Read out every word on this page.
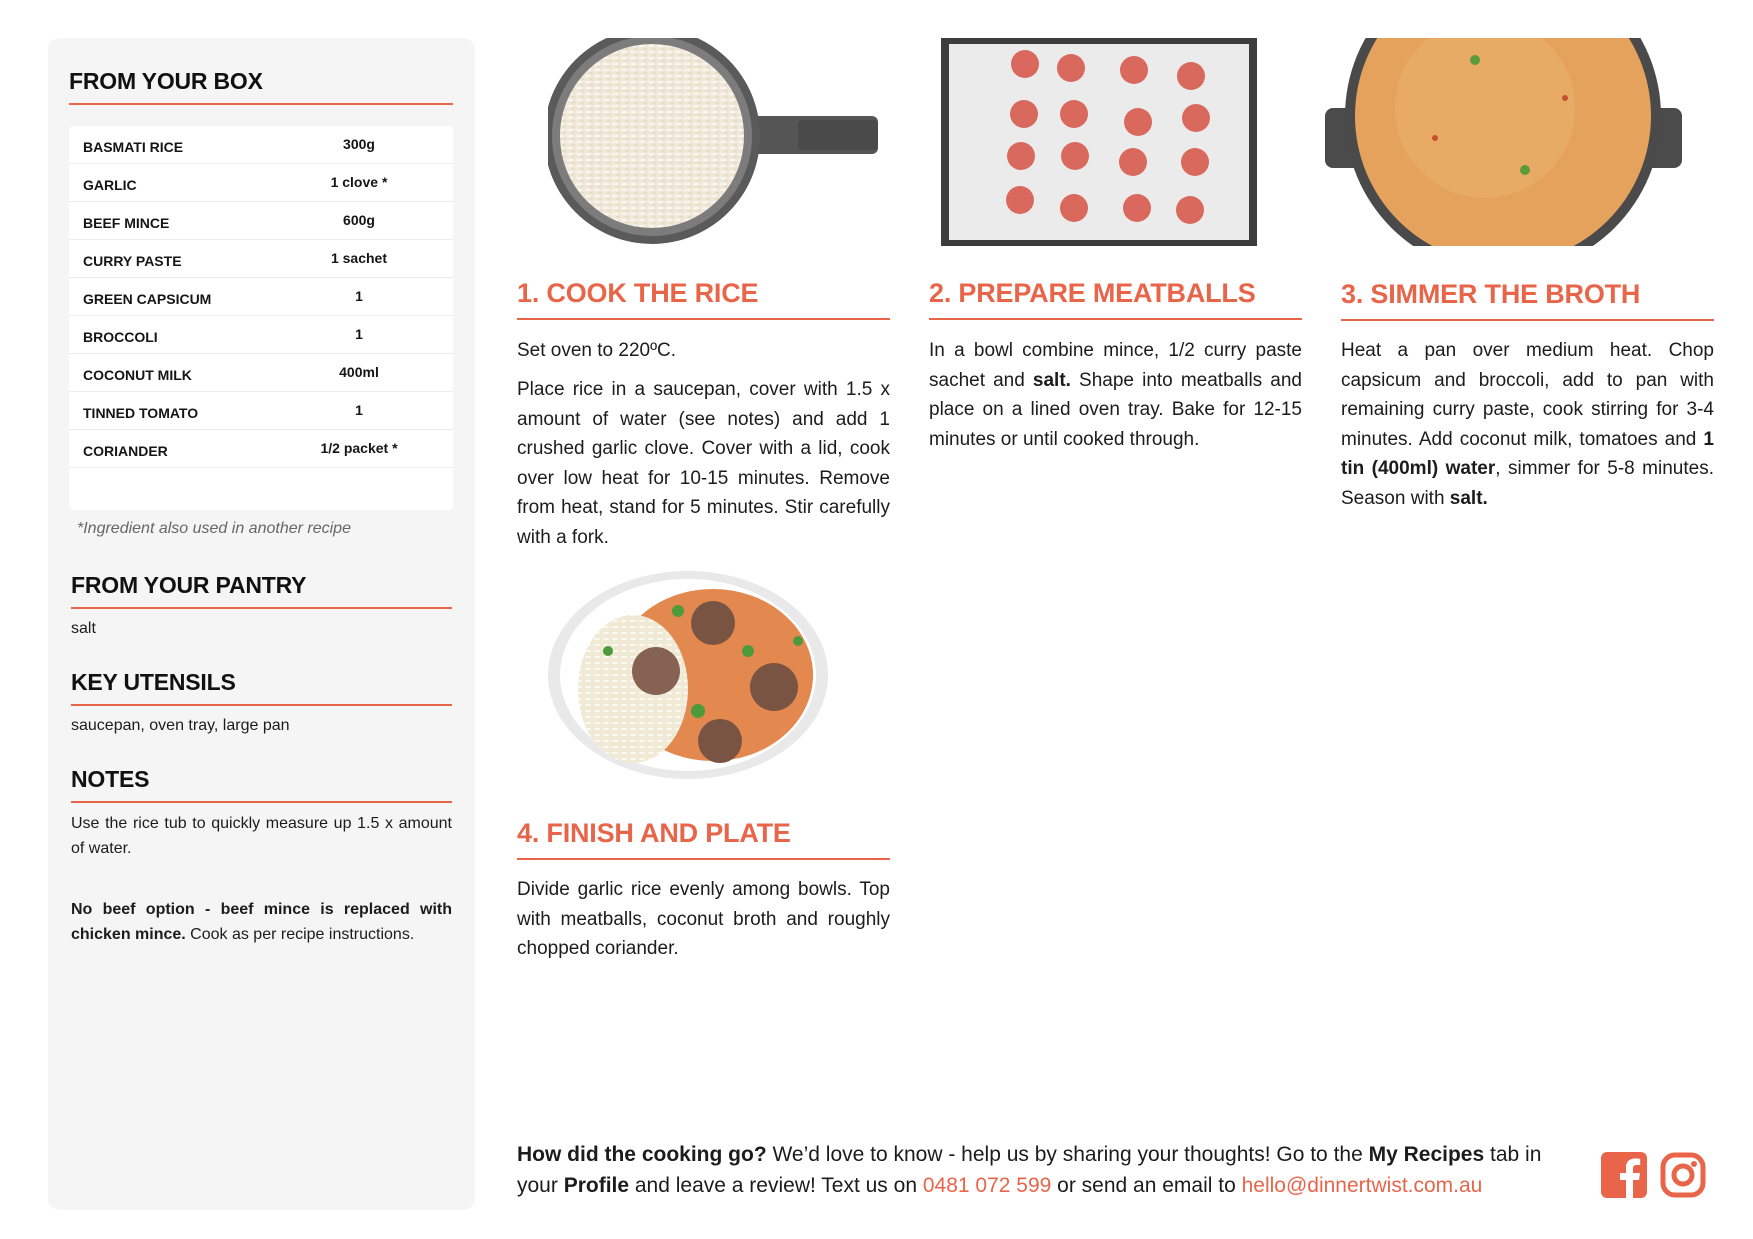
FROM YOUR BOX
BASMATI RICE	300g
GARLIC	1 clove *
BEEF MINCE	600g
CURRY PASTE	1 sachet
GREEN CAPSICUM	1
BROCCOLI	1
COCONUT MILK	400ml
TINNED TOMATO	1
CORIANDER	1/2 packet *
*Ingredient also used in another recipe
FROM YOUR PANTRY
salt
KEY UTENSILS
saucepan, oven tray, large pan
NOTES
Use the rice tub to quickly measure up 1.5 x amount of water.
No beef option - beef mince is replaced with chicken mince. Cook as per recipe instructions.
1. COOK THE RICE
Set oven to 220ºC.
Place rice in a saucepan, cover with 1.5 x amount of water (see notes) and add 1 crushed garlic clove. Cover with a lid, cook over low heat for 10-15 minutes. Remove from heat, stand for 5 minutes. Stir carefully with a fork.
2. PREPARE MEATBALLS
In a bowl combine mince, 1/2 curry paste sachet and salt. Shape into meatballs and place on a lined oven tray. Bake for 12-15 minutes or until cooked through.
3. SIMMER THE BROTH
Heat a pan over medium heat. Chop capsicum and broccoli, add to pan with remaining curry paste, cook stirring for 3-4 minutes. Add coconut milk, tomatoes and 1 tin (400ml) water, simmer for 5-8 minutes. Season with salt.
4. FINISH AND PLATE
Divide garlic rice evenly among bowls. Top with meatballs, coconut broth and roughly chopped coriander.
How did the cooking go? We’d love to know - help us by sharing your thoughts! Go to the My Recipes tab in your Profile and leave a review! Text us on 0481 072 599 or send an email to hello@dinnertwist.com.au
